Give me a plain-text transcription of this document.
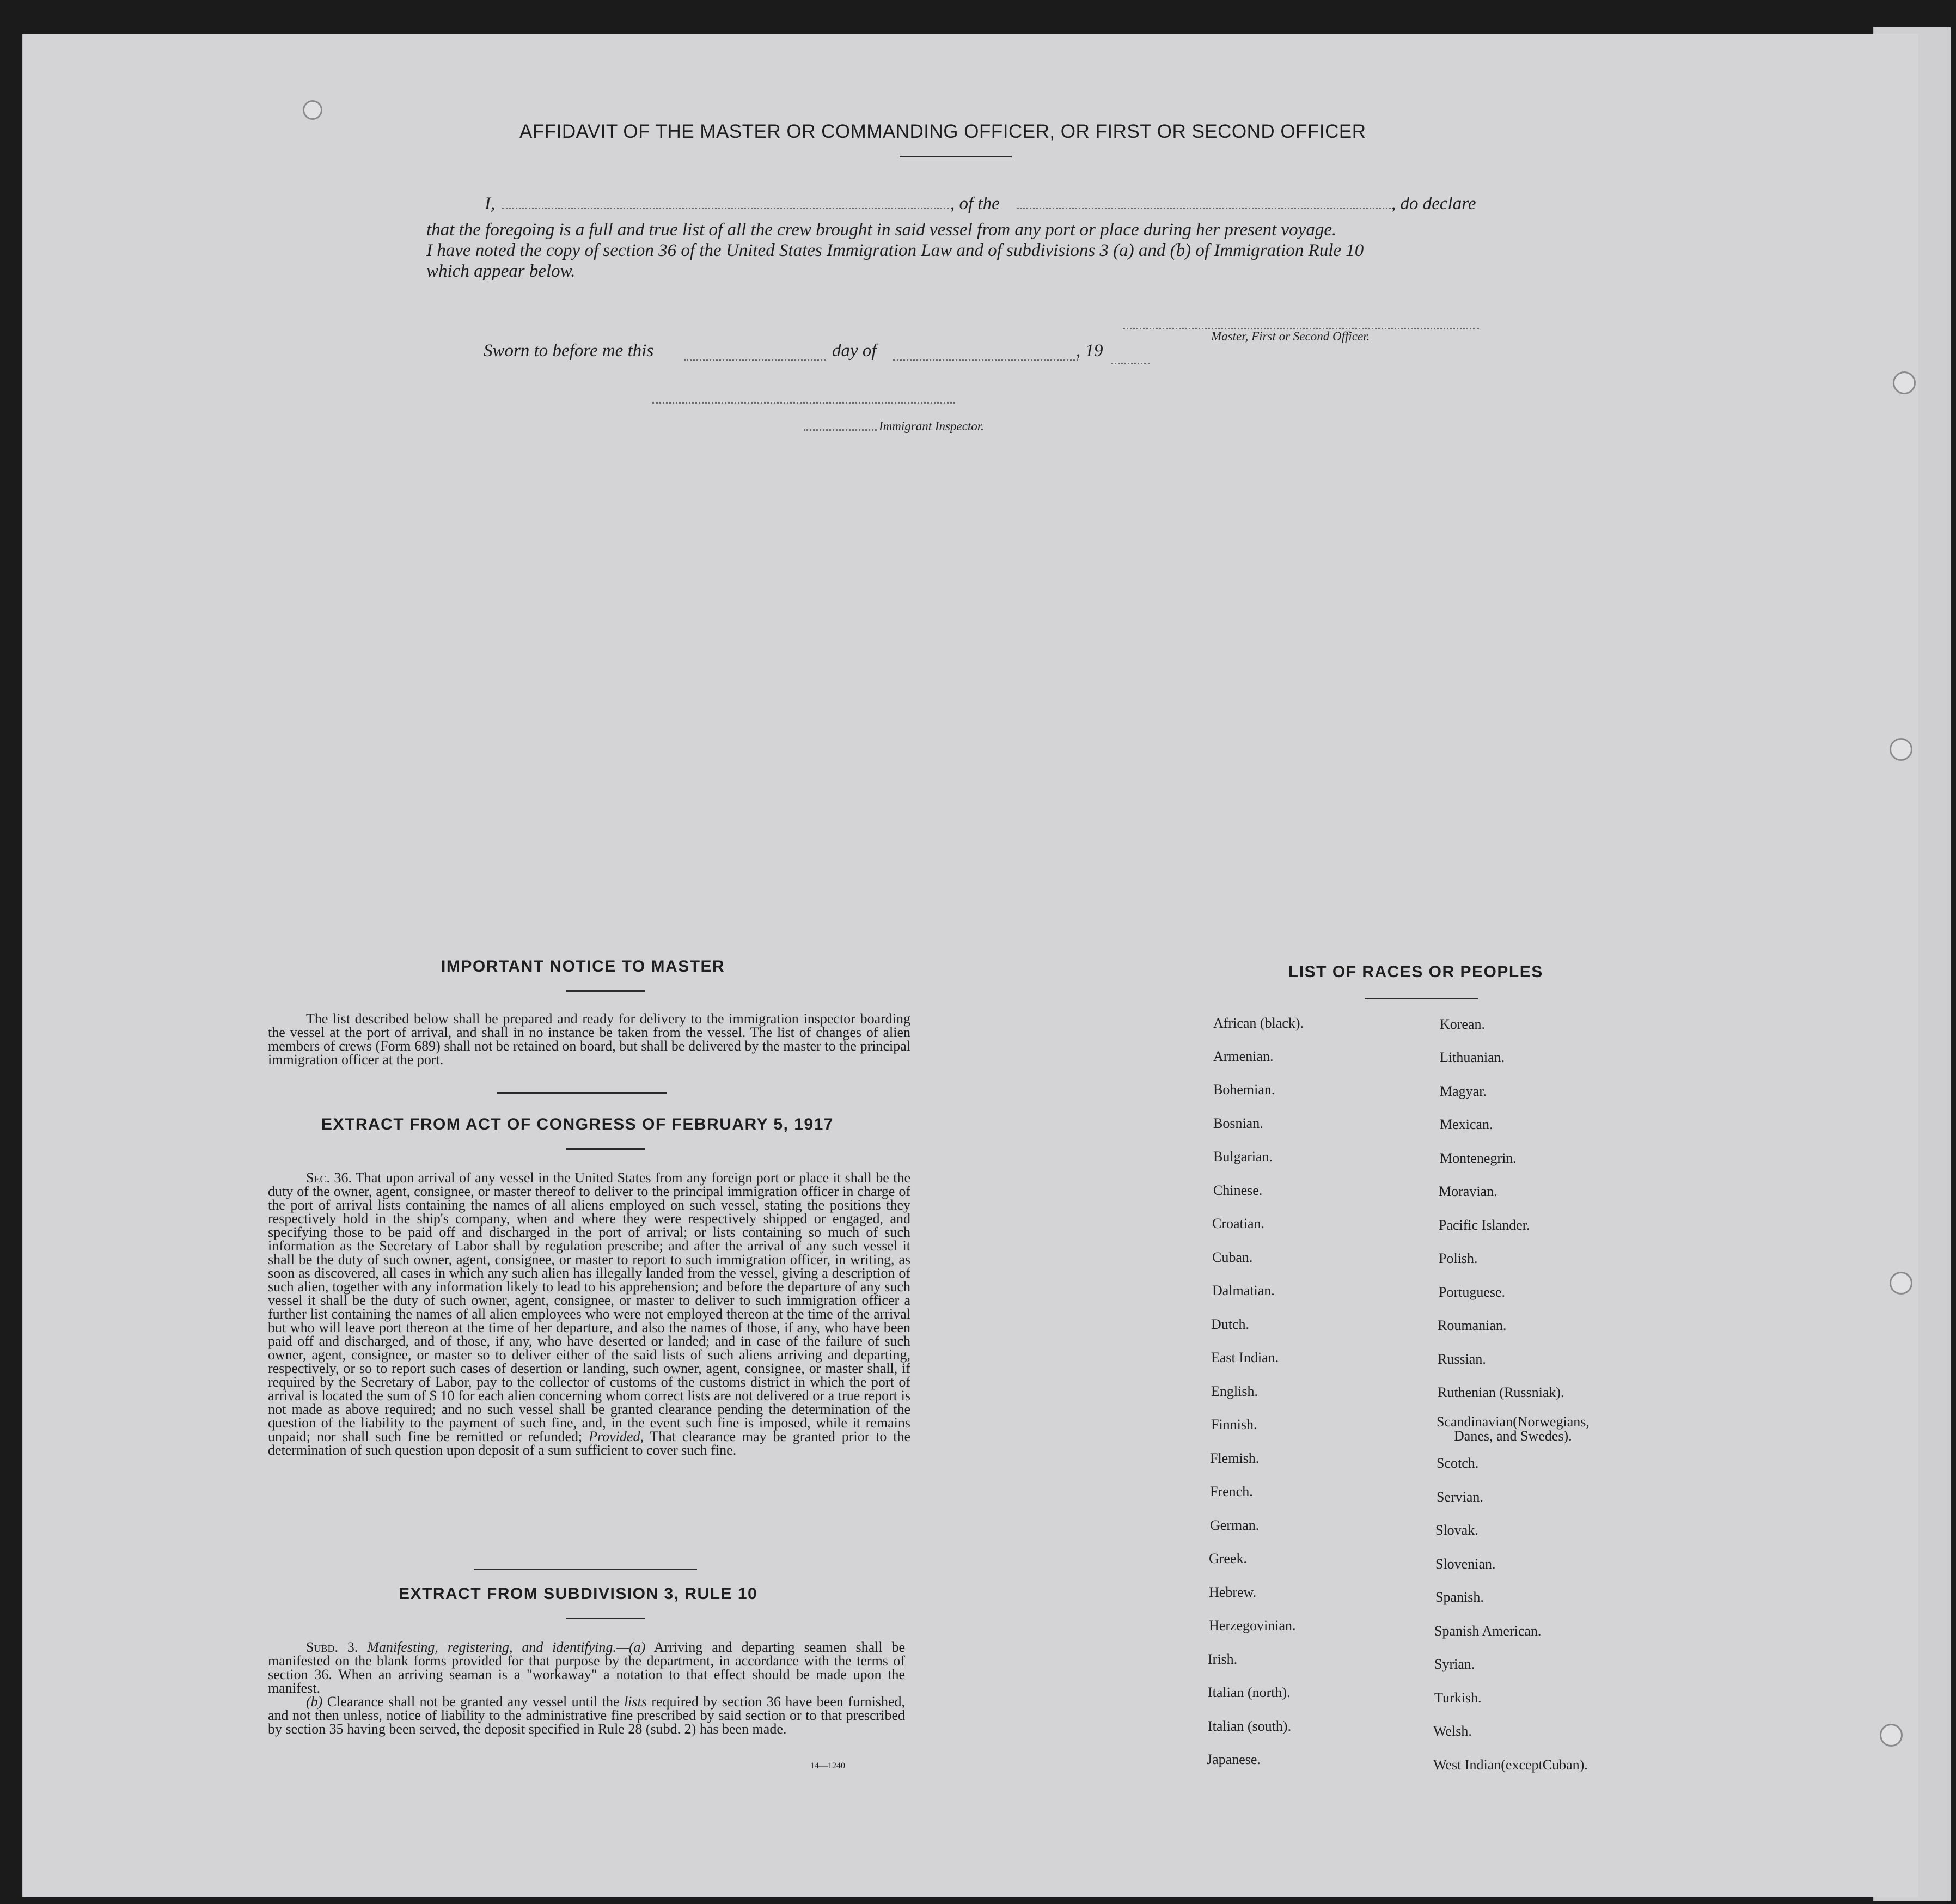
AFFIDAVIT OF THE MASTER OR COMMANDING OFFICER, OR FIRST OR SECOND OFFICER
I,	, of the	, do declare
that the foregoing is a full and true list of all the crew brought in said vessel from any port or place during her present voyage.
I have noted the copy of section 36 of the United States Immigration Law and of subdivisions 3 (a) and (b) of Immigration Rule 10
which appear below.
Master, First or Second Officer.
Sworn to before me this	day of	, 19
Immigrant Inspector.
IMPORTANT NOTICE TO MASTER
The list described below shall be prepared and ready for delivery to the immigration inspector boarding the vessel at the port of arrival, and shall in no instance be taken from the vessel. The list of changes of alien members of crews (Form 689) shall not be retained on board, but shall be delivered by the master to the principal immigration officer at the port.
EXTRACT FROM ACT OF CONGRESS OF FEBRUARY 5, 1917
Sec. 36. That upon arrival of any vessel in the United States from any foreign port or place it shall be the duty of the owner, agent, consignee, or master thereof to deliver to the principal immigration officer in charge of the port of arrival lists containing the names of all aliens employed on such vessel, stating the positions they respectively hold in the ship's company, when and where they were respectively shipped or engaged, and specifying those to be paid off and discharged in the port of arrival; or lists containing so much of such information as the Secretary of Labor shall by regulation prescribe; and after the arrival of any such vessel it shall be the duty of such owner, agent, consignee, or master to report to such immigration officer, in writing, as soon as discovered, all cases in which any such alien has illegally landed from the vessel, giving a description of such alien, together with any information likely to lead to his apprehension; and before the departure of any such vessel it shall be the duty of such owner, agent, consignee, or master to deliver to such immigration officer a further list containing the names of all alien employees who were not employed thereon at the time of the arrival but who will leave port thereon at the time of her departure, and also the names of those, if any, who have been paid off and discharged, and of those, if any, who have deserted or landed; and in case of the failure of such owner, agent, consignee, or master so to deliver either of the said lists of such aliens arriving and departing, respectively, or so to report such cases of desertion or landing, such owner, agent, consignee, or master shall, if required by the Secretary of Labor, pay to the collector of customs of the customs district in which the port of arrival is located the sum of $ 10 for each alien concerning whom correct lists are not delivered or a true report is not made as above required; and no such vessel shall be granted clearance pending the determination of the question of the liability to the payment of such fine, and, in the event such fine is imposed, while it remains unpaid; nor shall such fine be remitted or refunded; Provided, That clearance may be granted prior to the determination of such question upon deposit of a sum sufficient to cover such fine.
EXTRACT FROM SUBDIVISION 3, RULE 10
Subd. 3. Manifesting, registering, and identifying.—(a) Arriving and departing seamen shall be manifested on the blank forms provided for that purpose by the department, in accordance with the terms of section 36. When an arriving seaman is a "workaway" a notation to that effect should be made upon the manifest.
(b) Clearance shall not be granted any vessel until the lists required by section 36 have been furnished, and not then unless, notice of liability to the administrative fine prescribed by said section or to that prescribed by section 35 having been served, the deposit specified in Rule 28 (subd. 2) has been made.
14—1240
LIST OF RACES OR PEOPLES
African (black).
Armenian.
Bohemian.
Bosnian.
Bulgarian.
Chinese.
Croatian.
Cuban.
Dalmatian.
Dutch.
East Indian.
English.
Finnish.
Flemish.
French.
German.
Greek.
Hebrew.
Herzegovinian.
Irish.
Italian (north).
Italian (south).
Japanese.
Korean.
Lithuanian.
Magyar.
Mexican.
Montenegrin.
Moravian.
Pacific Islander.
Polish.
Portuguese.
Roumanian.
Russian.
Ruthenian (Russniak).
Scandinavian(Norwegians,
Danes, and Swedes).
Scotch.
Servian.
Slovak.
Slovenian.
Spanish.
Spanish American.
Syrian.
Turkish.
Welsh.
West Indian(exceptCuban).
